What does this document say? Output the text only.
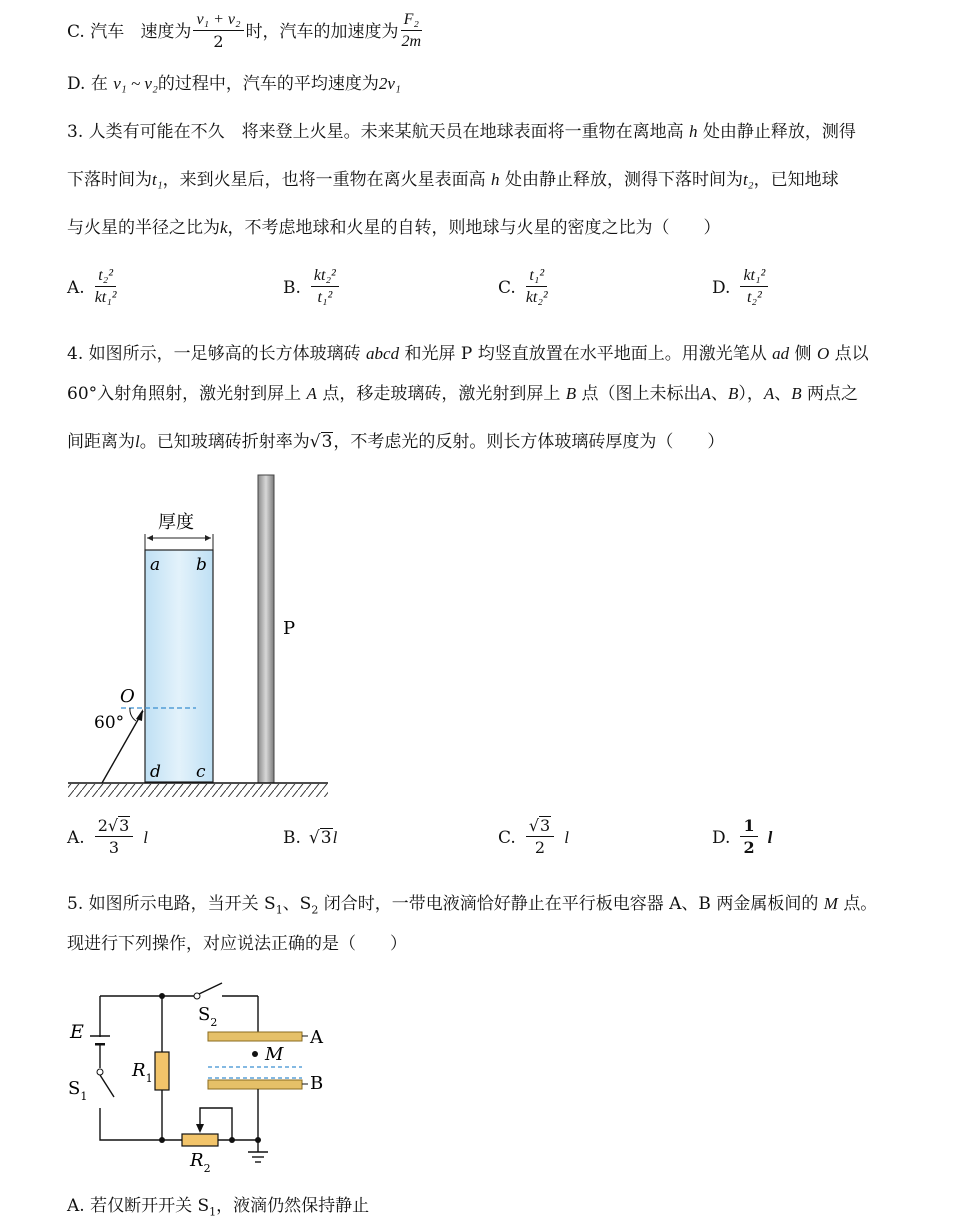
C.
汽车
速度为 $\frac{\text{v₁ + v₂}}{2}$ 时，汽车的加速度为 $\frac{\text{F₂}}{2m}$
D. 在 v₁ ~ v₂的过程中，汽车的平均速度为2v₁
3. 人类有可能在不久　将来登上火星。未来某航天员在地球表面将一重物在离地高 h 处由静止释放，测得
下落时间为t₁，来到火星后，也将一重物在离火星表面高 h 处由静止释放，测得下落时间为t₂，已知地球
与火星的半径之比为k，不考虑地球和火星的自转，则地球与火星的密度之比为（　　）
A. $\frac{\text{t₂²}}{\text{kt₁²}}$	B. $\frac{\text{kt₂²}}{\text{t₁²}}$	C. $\frac{\text{t₁²}}{\text{kt₂²}}$	D. $\frac{\text{kt₁²}}{\text{t₂²}}$
4. 如图所示，一足够高的长方体玻璃砖 abcd 和光屏 P 均竖直放置在水平地面上。用激光笔从 ad 侧 O 点以
60°入射角照射，激光射到屏上 A 点，移走玻璃砖，激光射到屏上 B 点（图上未标出A、B），A、B 两点之
间距离为l。已知玻璃砖折射率为√3，不考虑光的反射。则长方体玻璃砖厚度为（　　）
厚度
a b
d c
P
O
60°
A. $\frac{2√3}{3}$ l	B. √3l	C. $\frac{√3}{2}$ l	D. $\frac{1}{2}$ l
5. 如图所示电路，当开关 $S_1$、$S_2$ 闭合时，一带电液滴恰好静止在平行板电容器 A、B 两金属板间的 M 点。
现进行下列操作，对应说法正确的是（　　）
$S_2$
E
$S_1$
$R_1$
$R_2$
A
B
M
A. 若仅断开开关 $S_1$，液滴仍然保持静止
